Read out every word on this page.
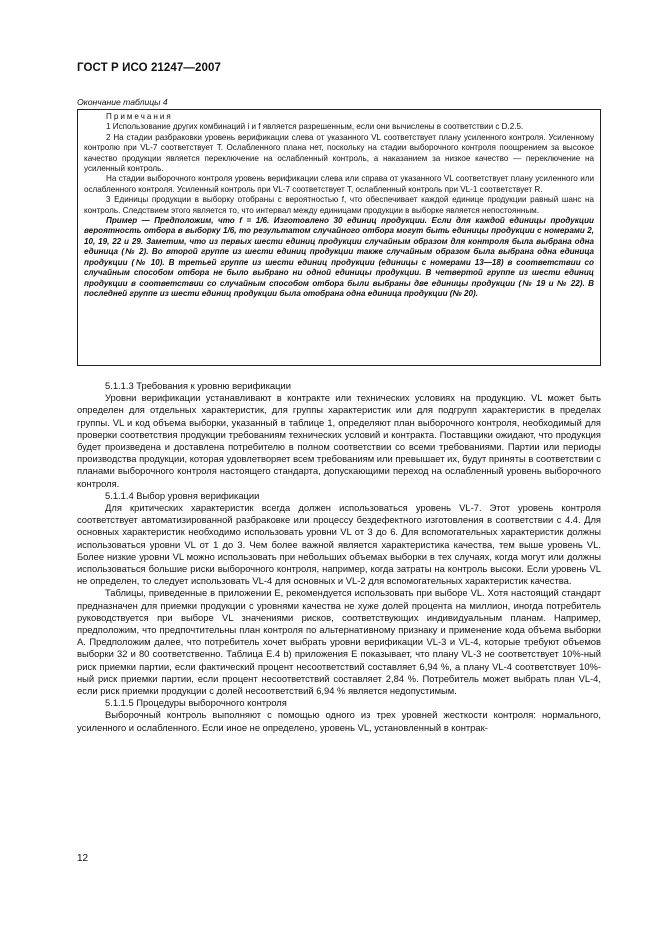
ГОСТ Р ИСО 21247—2007
Окончание таблицы 4

Примечания

1 Использование других комбинаций i и f является разрешенным, если они вычислены в соответствии с D.2.5.

2 На стадии разбраковки уровень верификации слева от указанного VL соответствует плану усиленного контроля. Усиленному контролю при VL-7 соответствует T. Ослабленного плана нет, поскольку на стадии выборочного контроля поощрением за высокое качество продукции является переключение на ослабленный контроль, а наказанием за низкое качество — переключение на усиленный контроль.

На стадии выборочного контроля уровень верификации слева или справа от указанного VL соответствует плану усиленного или ослабленного контроля. Усиленный контроль при VL-7 соответствует T, ослабленный контроль при VL-1 соответствует R.

3 Единицы продукции в выборку отобраны с вероятностью f, что обеспечивает каждой единице продукции равный шанс на контроль. Следствием этого является то, что интервал между единицами продукции в выборке является непостоянным.

Пример — Предположим, что f = 1/6. Изготовлено 30 единиц продукции. Если для каждой единицы продукции вероятность отбора в выборку 1/6, то результатом случайного отбора могут быть единицы продукции с номерами 2, 10, 19, 22 и 29. Заметим, что из первых шести единиц продукции случайным образом для контроля была выбрана одна единица (№ 2). Во второй группе из шести единиц продукции также случайным образом была выбрана одна единица продукции (№ 10). В третьей группе из шести единиц продукции (единицы с номерами 13—18) в соответствии со случайным способом отбора не было выбрано ни одной единицы продукции. В четвертой группе из шести единиц продукции в соответствии со случайным способом отбора были выбраны две единицы продукции (№ 19 и № 22). В последней группе из шести единиц продукции была отобрана одна единица продукции (№ 20).

5.1.1.3 Требования к уровню верификации

Уровни верификации устанавливают в контракте или технических условиях на продукцию. VL может быть определен для отдельных характеристик, для группы характеристик или для подгрупп характеристик в пределах группы. VL и код объема выборки, указанный в таблице 1, определяют план выборочного контроля, необходимый для проверки соответствия продукции требованиям технических условий и контракта. Поставщики ожидают, что продукция будет произведена и доставлена потребителю в полном соответствии со всеми требованиями. Партии или периоды производства продукции, которая удовлетворяет всем требованиям или превышает их, будут приняты в соответствии с планами выборочного контроля настоящего стандарта, допускающими переход на ослабленный уровень выборочного контроля.

5.1.1.4 Выбор уровня верификации

Для критических характеристик всегда должен использоваться уровень VL-7. Этот уровень контроля соответствует автоматизированной разбраковке или процессу бездефектного изготовления в соответствии с 4.4. Для основных характеристик необходимо использовать уровни VL от 3 до 6. Для вспомогательных характеристик должны использоваться уровни VL от 1 до 3. Чем более важной является характеристика качества, тем выше уровень VL. Более низкие уровни VL можно использовать при небольших объемах выборки в тех случаях, когда могут или должны использоваться большие риски выборочного контроля, например, когда затраты на контроль высоки. Если уровень VL не определен, то следует использовать VL-4 для основных и VL-2 для вспомогательных характеристик качества.

Таблицы, приведенные в приложении Е, рекомендуется использовать при выборе VL. Хотя настоящий стандарт предназначен для приемки продукции с уровнями качества не хуже долей процента на миллион, иногда потребитель руководствуется при выборе VL значениями рисков, соответствующих индивидуальным планам. Например, предположим, что предпочтительны план контроля по альтернативному признаку и применение кода объема выборки А. Предположим далее, что потребитель хочет выбрать уровни верификации VL-3 и VL-4, которые требуют объемов выборки 32 и 80 соответственно. Таблица Е.4 b) приложения Е показывает, что плану VL-3 не соответствует 10%-ный риск приемки партии, если фактический процент несоответствий составляет 6,94 %, а плану VL-4 соответствует 10%-ный риск приемки партии, если процент несоответствий составляет 2,84 %. Потребитель может выбрать план VL-4, если риск приемки продукции с долей несоответствий 6,94 % является недопустимым.

5.1.1.5 Процедуры выборочного контроля

Выборочный контроль выполняют с помощью одного из трех уровней жесткости контроля: нормального, усиленного и ослабленного. Если иное не определено, уровень VL, установленный в контрак-

12
